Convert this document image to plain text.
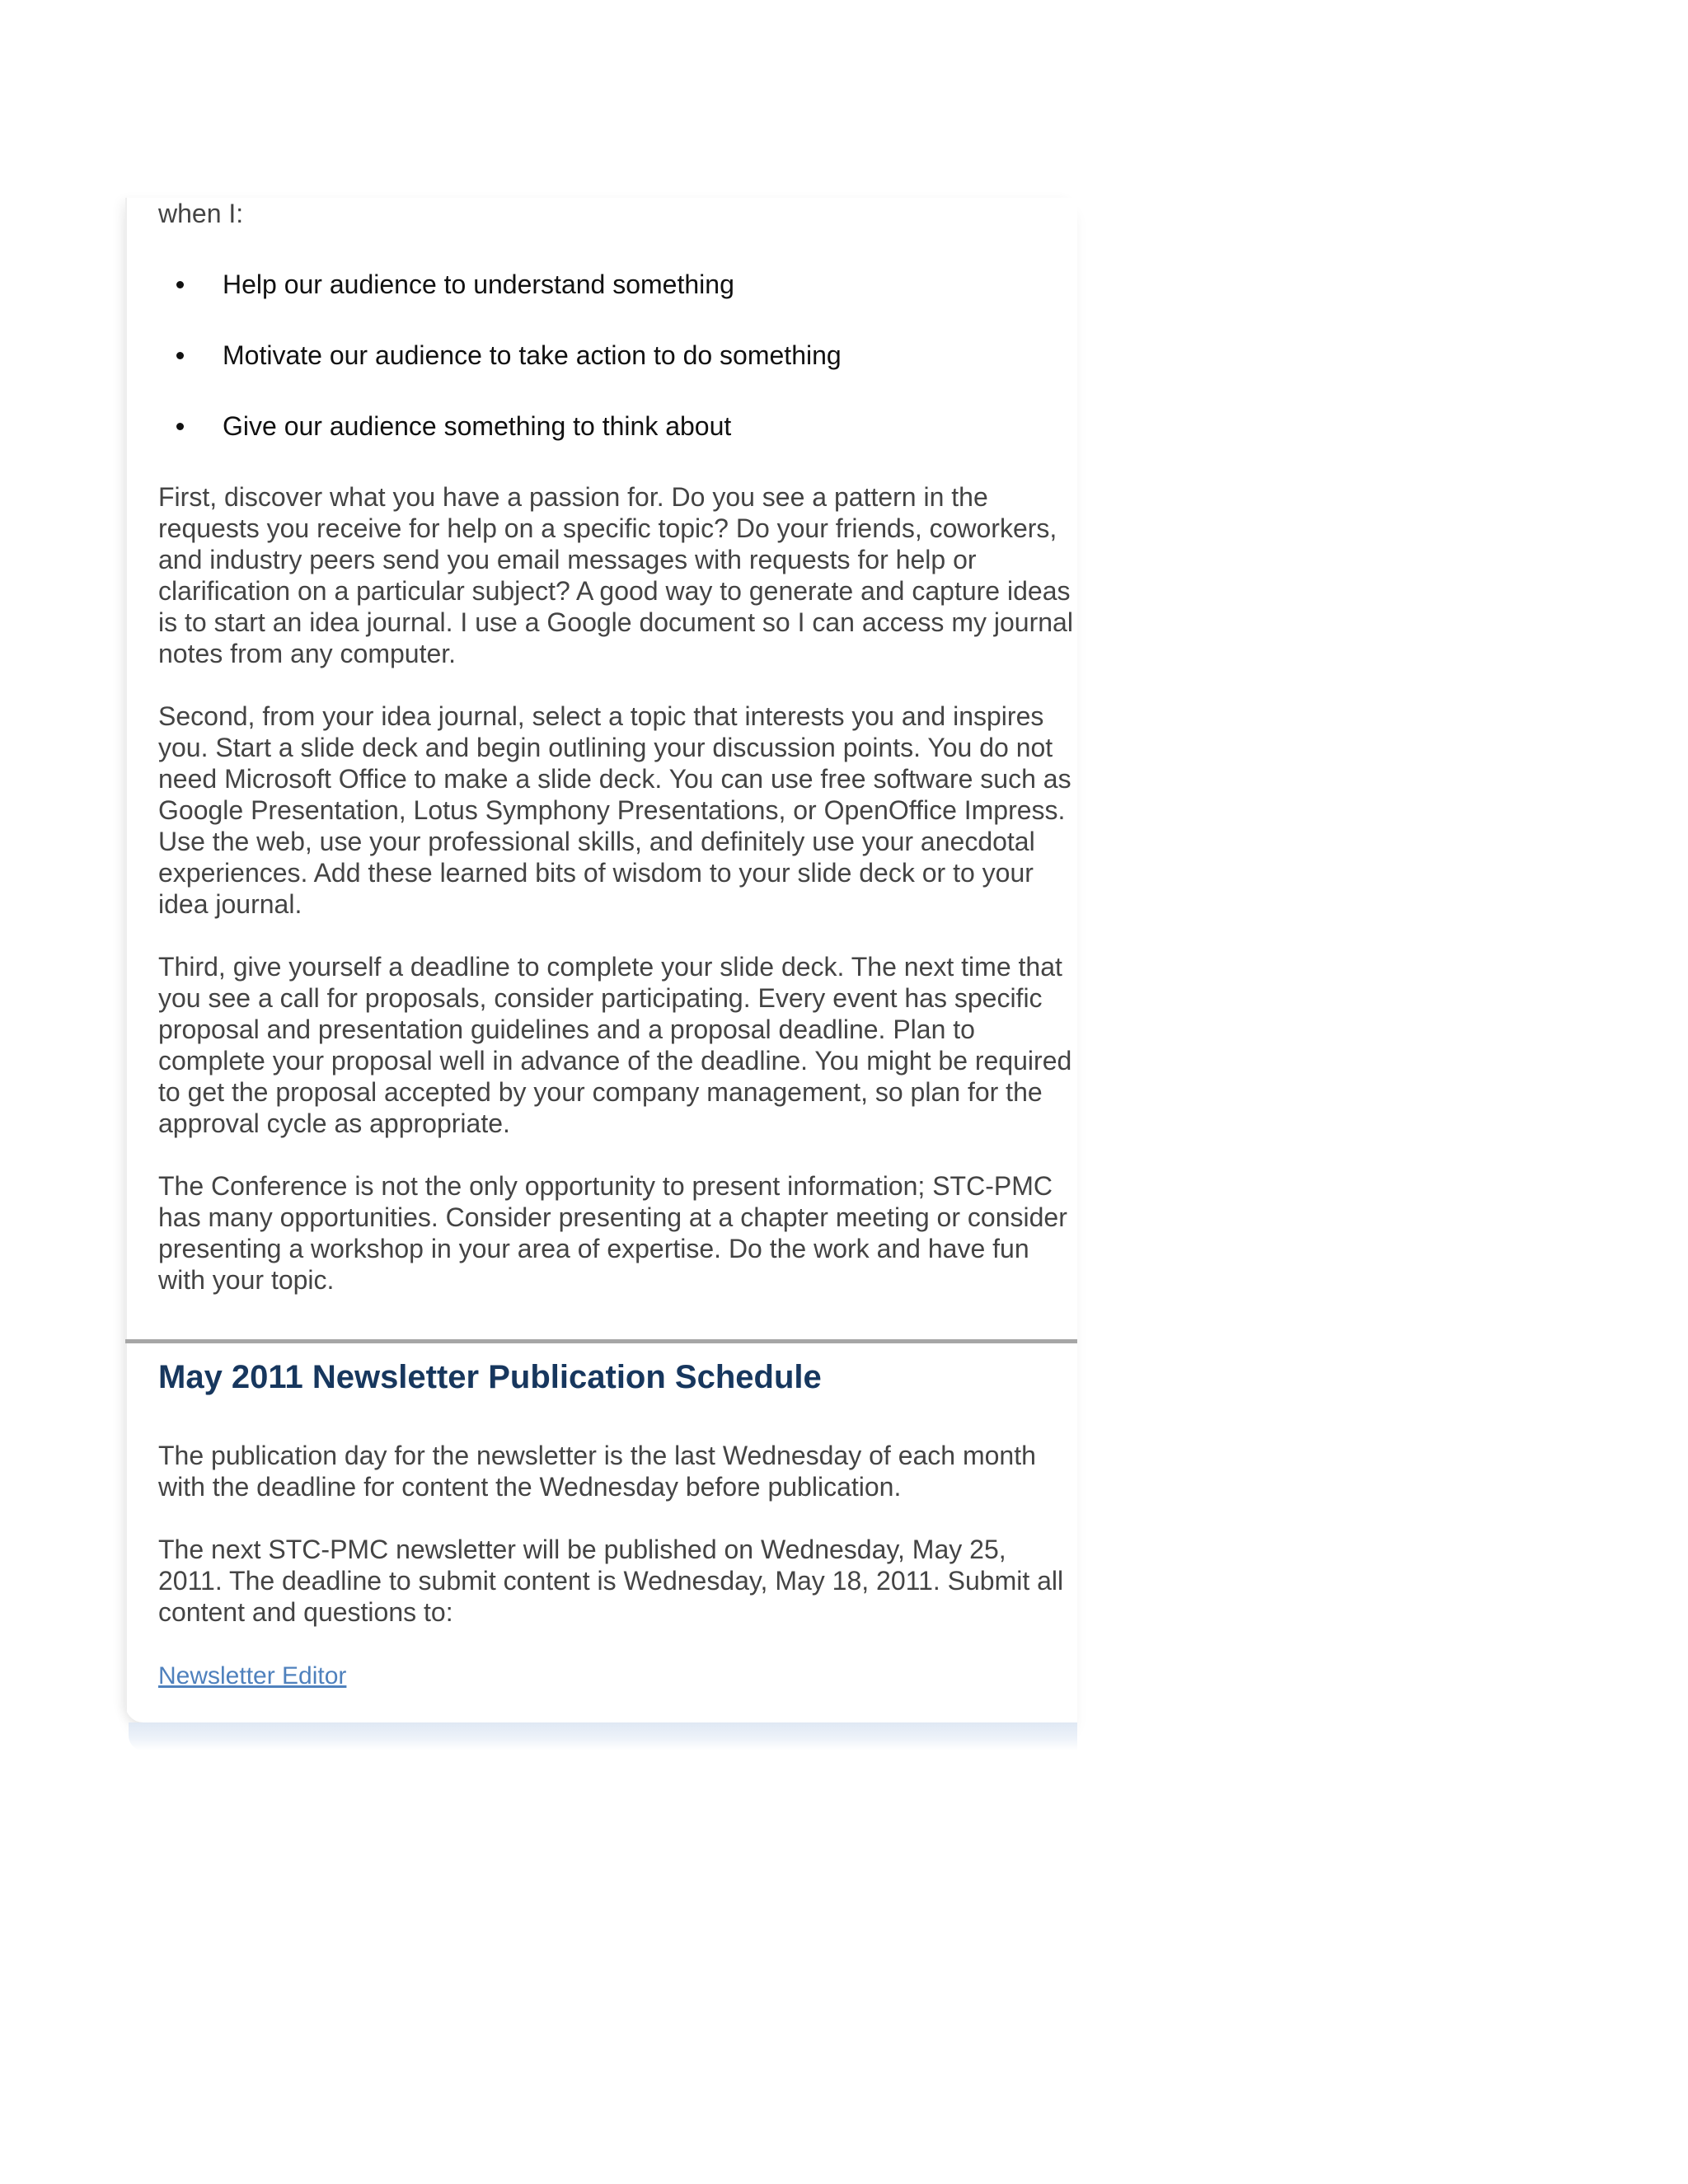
when I:

Help our audience to understand something
Motivate our audience to take action to do something
Give our audience something to think about

First, discover what you have a passion for. Do you see a pattern in the requests you receive for help on a specific topic? Do your friends, coworkers, and industry peers send you email messages with requests for help or clarification on a particular subject? A good way to generate and capture ideas is to start an idea journal. I use a Google document so I can access my journal notes from any computer.

Second, from your idea journal, select a topic that interests you and inspires you. Start a slide deck and begin outlining your discussion points. You do not need Microsoft Office to make a slide deck. You can use free software such as Google Presentation, Lotus Symphony Presentations, or OpenOffice Impress. Use the web, use your professional skills, and definitely use your anecdotal experiences. Add these learned bits of wisdom to your slide deck or to your idea journal.

Third, give yourself a deadline to complete your slide deck. The next time that you see a call for proposals, consider participating. Every event has specific proposal and presentation guidelines and a proposal deadline. Plan to complete your proposal well in advance of the deadline. You might be required to get the proposal accepted by your company management, so plan for the approval cycle as appropriate.

The Conference is not the only opportunity to present information; STC-PMC has many opportunities. Consider presenting at a chapter meeting or consider presenting a workshop in your area of expertise. Do the work and have fun with your topic.

May 2011 Newsletter Publication Schedule

The publication day for the newsletter is the last Wednesday of each month with the deadline for content the Wednesday before publication.

The next STC-PMC newsletter will be published on Wednesday, May 25, 2011. The deadline to submit content is Wednesday, May 18, 2011. Submit all content and questions to:

Newsletter Editor
